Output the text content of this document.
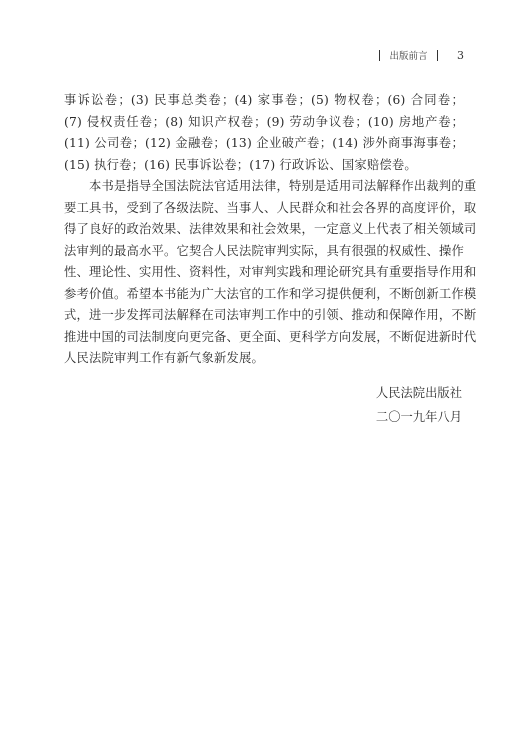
出版前言	3
事诉讼卷；(3) 民事总类卷；(4) 家事卷；(5) 物权卷；(6) 合同卷；
(7) 侵权责任卷；(8) 知识产权卷；(9) 劳动争议卷；(10) 房地产卷；
(11) 公司卷；(12) 金融卷；(13) 企业破产卷；(14) 涉外商事海事卷；
(15) 执行卷；(16) 民事诉讼卷；(17) 行政诉讼、国家赔偿卷。
本书是指导全国法院法官适用法律，特别是适用司法解释作出裁判的重
要工具书，受到了各级法院、当事人、人民群众和社会各界的高度评价，取
得了良好的政治效果、法律效果和社会效果，一定意义上代表了相关领域司
法审判的最高水平。它契合人民法院审判实际，具有很强的权威性、操作
性、理论性、实用性、资料性，对审判实践和理论研究具有重要指导作用和
参考价值。希望本书能为广大法官的工作和学习提供便利，不断创新工作模
式，进一步发挥司法解释在司法审判工作中的引领、推动和保障作用，不断
推进中国的司法制度向更完备、更全面、更科学方向发展，不断促进新时代
人民法院审判工作有新气象新发展。
人民法院出版社
二〇一九年八月
